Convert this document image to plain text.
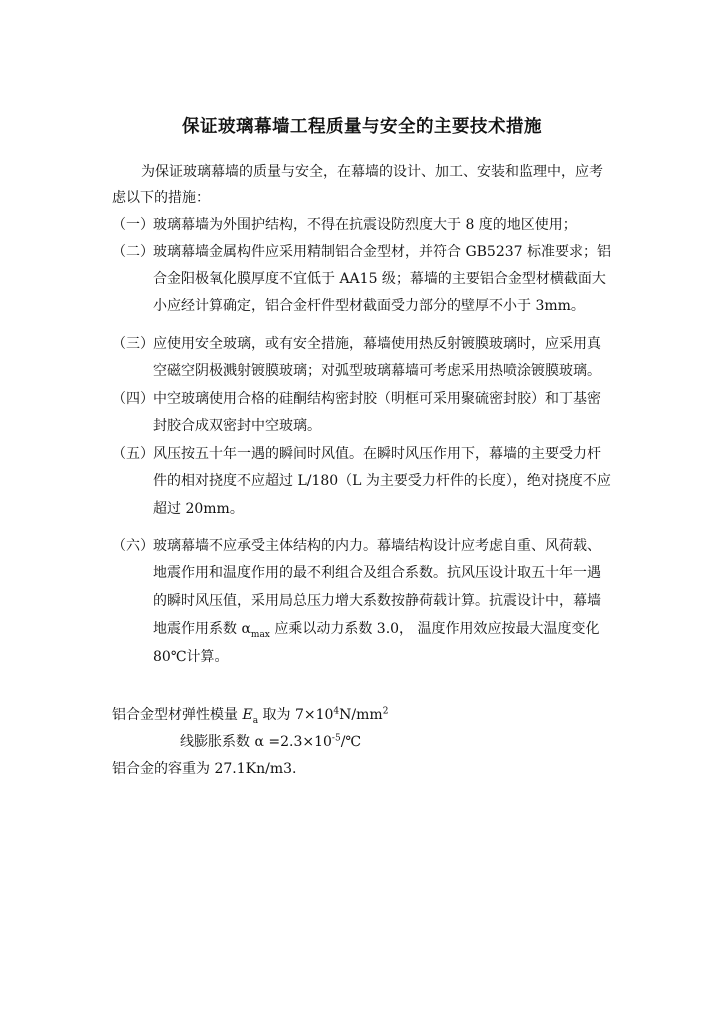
保证玻璃幕墙工程质量与安全的主要技术措施
为保证玻璃幕墙的质量与安全，在幕墙的设计、加工、安装和监理中，应考
虑以下的措施：
（一） 玻璃幕墙为外围护结构，不得在抗震设防烈度大于 8 度的地区使用；
（二） 玻璃幕墙金属构件应采用精制铝合金型材，并符合 GB5237 标准要求；铝
合金阳极氧化膜厚度不宜低于 AA15 级；幕墙的主要铝合金型材横截面大
小应经计算确定，铝合金杆件型材截面受力部分的壁厚不小于 3mm。
（三） 应使用安全玻璃，或有安全措施，幕墙使用热反射镀膜玻璃时，应采用真
空磁空阴极溅射镀膜玻璃；对弧型玻璃幕墙可考虑采用热喷涂镀膜玻璃。
（四） 中空玻璃使用合格的硅酮结构密封胶（明框可采用聚硫密封胶）和丁基密
封胶合成双密封中空玻璃。
（五） 风压按五十年一遇的瞬间时风值。在瞬时风压作用下，幕墙的主要受力杆
件的相对挠度不应超过 L/180（L 为主要受力杆件的长度），绝对挠度不应
超过 20mm。
（六） 玻璃幕墙不应承受主体结构的内力。幕墙结构设计应考虑自重、风荷载、
地震作用和温度作用的最不利组合及组合系数。抗风压设计取五十年一遇
的瞬时风压值，采用局总压力增大系数按静荷载计算。抗震设计中，幕墙
地震作用系数 $\alpha_{max}$ 应乘以动力系数 3.0， 温度作用效应按最大温度变化
80℃计算。
铝合金型材弹性模量 $E_a$ 取为 $7\times 10^4N/mm^2$
线膨胀系数 $\alpha =2.3\times 10^{-5}/℃$
铝合金的容重为 27.1Kn/m3.
